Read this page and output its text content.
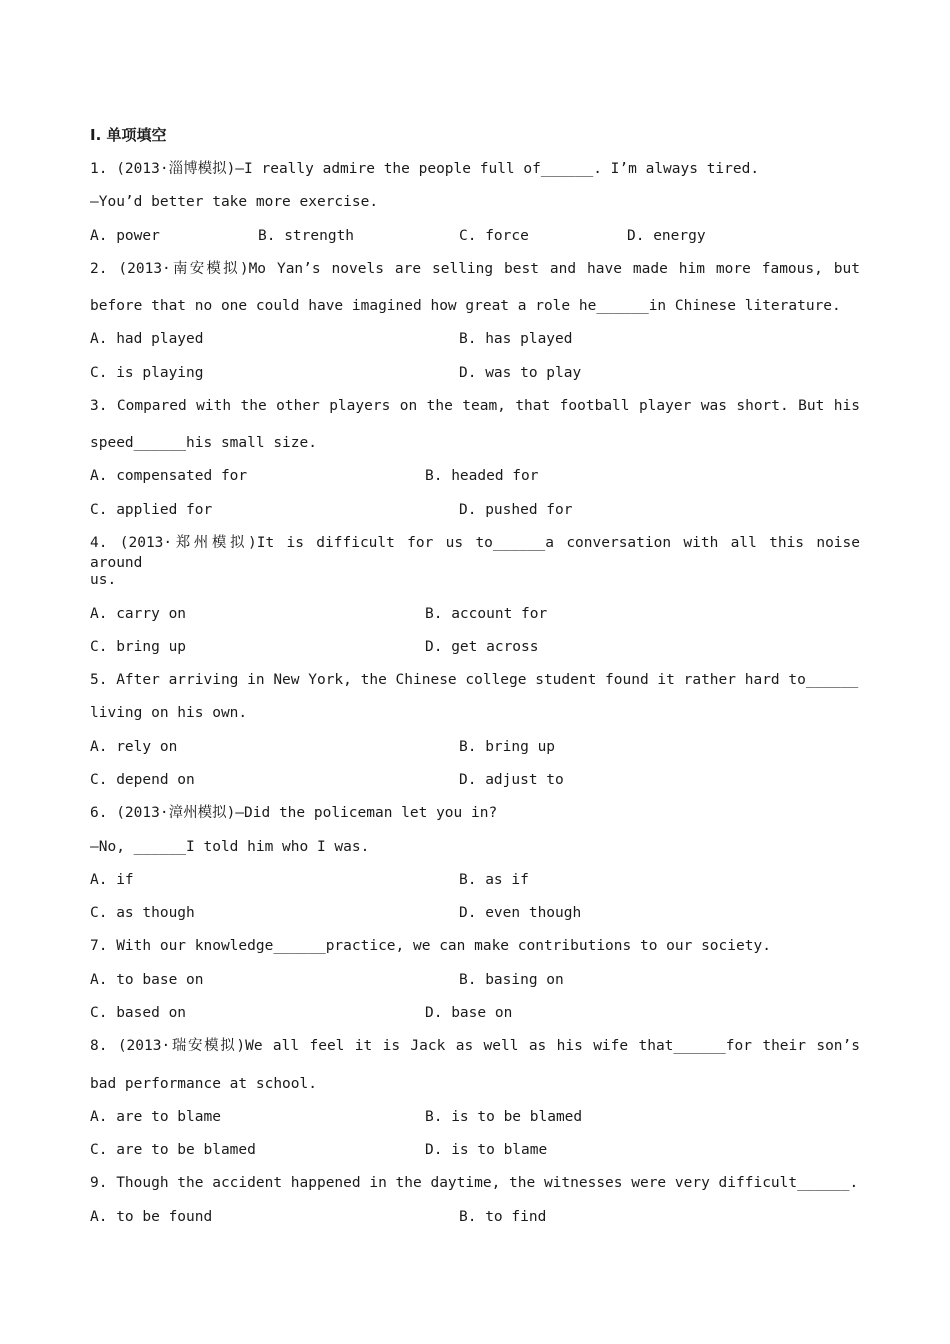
Ⅰ. 单项填空
1. (2013·淄博模拟)—I really admire the people full of______. I’m always tired.
—You’d better take more exercise.
A. power	B. strength	C. force	D. energy
2. (2013·南安模拟)Mo Yan’s novels are selling best and have made him more famous, but
before that no one could have imagined how great a role he______in Chinese literature.
A. had played	B. has played
C. is playing	D. was to play
3. Compared with the other players on the team, that football player was short. But his
speed______his small size.
A. compensated for	B. headed for
C. applied for	D. pushed for
4. (2013·郑州模拟)It is difficult for us to______a conversation with all this noise around
us.
A. carry on	B. account for
C. bring up	D. get across
5. After arriving in New York, the Chinese college student found it rather hard to______
living on his own.
A. rely on	B. bring up
C. depend on	D. adjust to
6. (2013·漳州模拟)—Did the policeman let you in?
—No, ______I told him who I was.
A. if	B. as if
C. as though	D. even though
7. With our knowledge______practice, we can make contributions to our society.
A. to base on	B. basing on
C. based on	D. base on
8. (2013·瑞安模拟)We all feel it is Jack as well as his wife that______for their son’s
bad performance at school.
A. are to blame	B. is to be blamed
C. are to be blamed	D. is to blame
9. Though the accident happened in the daytime, the witnesses were very difficult______.
A. to be found	B. to find
